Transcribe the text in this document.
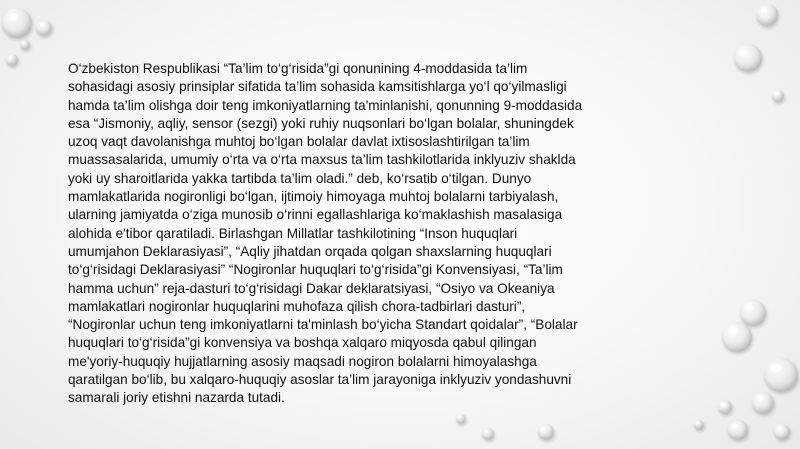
O‘zbekiston Respublikasi “Ta’lim to‘g‘risida”gi qonunining 4-moddasida ta’lim
sohasidagi asosiy prinsiplar sifatida ta’lim sohasida kamsitishlarga yo‘l qo‘yilmasligi
hamda ta’lim olishga doir teng imkoniyatlarning ta'minlanishi, qonunning 9-moddasida
esa “Jismoniy, aqliy, sensor (sezgi) yoki ruhiy nuqsonlari bo‘lgan bolalar, shuningdek
uzoq vaqt davolanishga muhtoj bo‘lgan bolalar davlat ixtisoslashtirilgan ta’lim
muassasalarida, umumiy o‘rta va o‘rta maxsus ta’lim tashkilotlarida inklyuziv shaklda
yoki uy sharoitlarida yakka tartibda ta’lim oladi.” deb, ko‘rsatib o‘tilgan. Dunyo
mamlakatlarida nogironligi bo‘lgan, ijtimoiy himoyaga muhtoj bolalarni tarbiyalash,
ularning jamiyatda o‘ziga munosib o‘rinni egallashlariga ko‘maklashish masalasiga
alohida e'tibor qaratiladi. Birlashgan Millatlar tashkilotining “Inson huquqlari
umumjahon Deklarasiyasi”, “Aqliy jihatdan orqada qolgan shaxslarning huquqlari
to‘g‘risidagi Deklarasiyasi” “Nogironlar huquqlari to‘g‘risida”gi Konvensiyasi, “Ta’lim
hamma uchun” reja-dasturi to‘g‘risidagi Dakar deklaratsiyasi, “Osiyo va Okeaniya
mamlakatlari nogironlar huquqlarini muhofaza qilish chora-tadbirlari dasturi”,
“Nogironlar uchun teng imkoniyatlarni ta'minlash bo‘yicha Standart qoidalar”, “Bolalar
huquqlari to‘g‘risida”gi konvensiya va boshqa xalqaro miqyosda qabul qilingan
me'yoriy-huquqiy hujjatlarning asosiy maqsadi nogiron bolalarni himoyalashga
qaratilgan bo‘lib, bu xalqaro-huquqiy asoslar ta’lim jarayoniga inklyuziv yondashuvni
samarali joriy etishni nazarda tutadi.
